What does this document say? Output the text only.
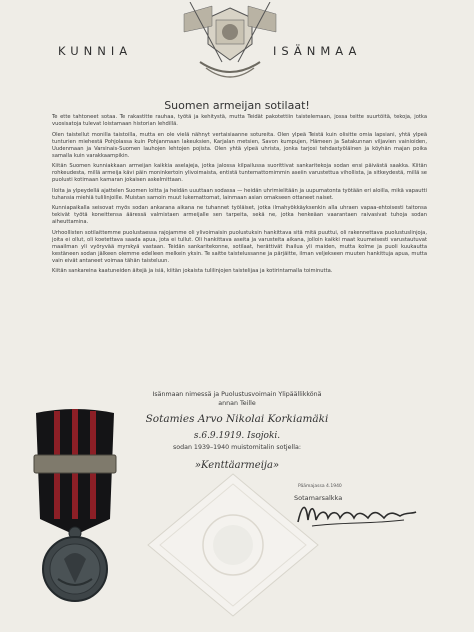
KUNNIA	ISÄNMAA
Suomen armeijan sotilaat!

Te ette tahtoneet sotaa. Te rakastitte rauhaa, työtä ja kehitystä, mutta Teidät pakotettiin taistelemaan, jossa teitte suurtöitä, tekoja, jotka vuosisatoja tulevat loistamaan historian lehdillä.

Olen taistellut monilla taistoilla, mutta en ole vielä nähnyt vertaisiaanne sotureita. Olen ylpeä Teistä kuin olisitte omia lapsiani, yhtä ylpeä tunturien miehestä Pohjolassa kuin Pohjanmaan lakeuksien, Karjalan metsien, Savon kumpujen, Hämeen ja Satakunnan viljavien vainioiden, Uudenmaan ja Varsinais-Suomen lauhojen lehtojen pojista. Olen yhtä ylpeä uhrista, jonka tarjosi tehdastyöläinen ja köyhän majan poika samalla kuin varakkaampikin.

Kiitän Suomen kunniakkaan armeijan kaikkia aselajeja, jotka jalossa kilpailussa suorittivat sankaritekoja sodan ensi päivästä saakka. Kiitän rohkeudesta, millä armeija kävi päin moninkertoin ylivoimaista, entistä tuntemattomimmin aseiin varustettua vihollista, ja sitkeydestä, millä se puolusti kotimaan kamaran jokaisen askelmittaan.

Iloita ja ylpeydellä ajattelen Suomen loitta ja heidän uuuttaan sodassa — heidän uhrimielitään ja uupumatonta työtään eri aloilla, mikä vapautti tuhansia miehiä tulilinjoille. Muistan samoin muut lukemattomat, lainmaan asian omakseen ottaneet naiset.

Kunniapaikalla seisovat myös sodan ankarana aikana ne tuhannet työläiset, jotka ilmahyökkäyksenkin alla uhraen vapaa-ehtoisesti taitonsa tekivät työtä koneittensa ääressä valmistaen armeijalle sen tarpeita, sekä ne, jotka henkeäan vaarantaen raivasivat tuhoja sodan aiheuttamina.

Urhoollisten sotilaittemme puolustaessa rajojamme oli ylivoimaisin puolustuksin hankittava sitä mitä puuttui, oli rakennettava puolustuslinjoja, joita ei ollut, oli koetettava saada apua, jota ei tullut. Oli hankittava aseita ja varusteita aikana, jolloin kaikki maat kuumeisesti varustautuvat maailman yli vyöryvää myrskyä vastaan. Teidän sankaritekonne, sotilaat, herättivät ihailua yli maiden, mutta kolme ja puoli kuukautta kestäneen sodan jälkeen olemme edelleen melkein yksin. Te saitte taistelussanne ja pärjäitte, ilman veljekseen muuten hankittuja apua, mutta vain eivät antaneet voimaa tähän taisteluun.

Kiitän sankareina kaatuneiden äitejä ja isiä, kiitän jokaista tulilinjojen taistelijaa ja kotirintamalla toiminutta.

Isänmaan nimessä ja Puolustusvoimain Ylipäällikkönä
annan Teille
Sotamies Arvo Nikolai Korkiamäki
s.6.9.1919. Isojoki.
sodan 1939–1940 muistomitalin sotjella:
»Kenttäarmeija»
Päämajassa 4.1940
Sotamarsalkka
